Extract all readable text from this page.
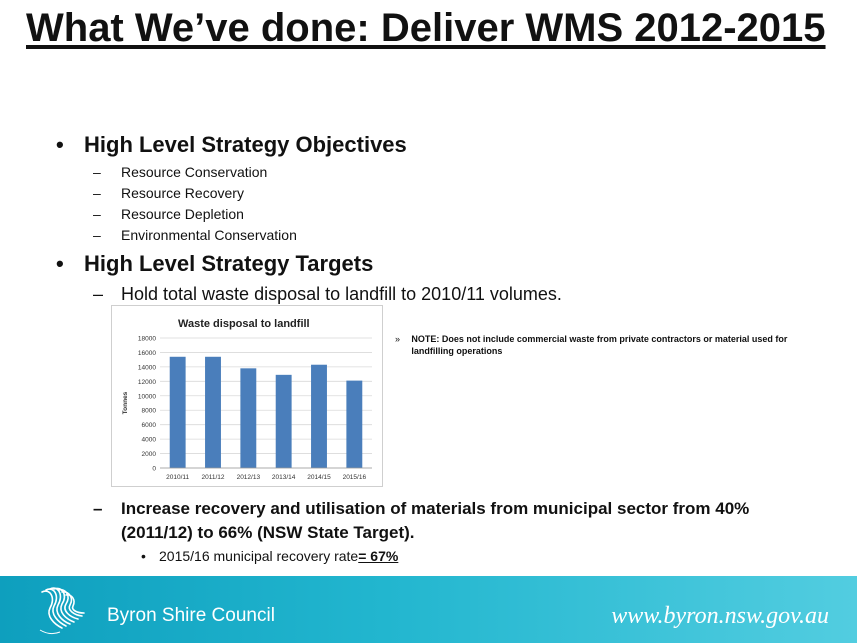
What We’ve done: Deliver WMS 2012-2015
• High Level Strategy Objectives
–	Resource Conservation
–	Resource Recovery
–	Resource Depletion
–	Environmental Conservation
• High Level Strategy Targets
– Hold total waste disposal to landfill to 2010/11 volumes.
Waste disposal to landfill
0
2000
4000
6000
8000
10000
12000
14000
16000
18000
Tonnes
2010/11 2011/12 2012/13 2013/14 2014/15 2015/16
»	NOTE: Does not include commercial waste from private contractors or material used for landfilling operations
–	Increase recovery and utilisation of materials from municipal sector from 40% (2011/12) to 66% (NSW State Target).
• 2015/16 municipal recovery rate = 67%
Byron Shire Council	www.byron.nsw.gov.au
